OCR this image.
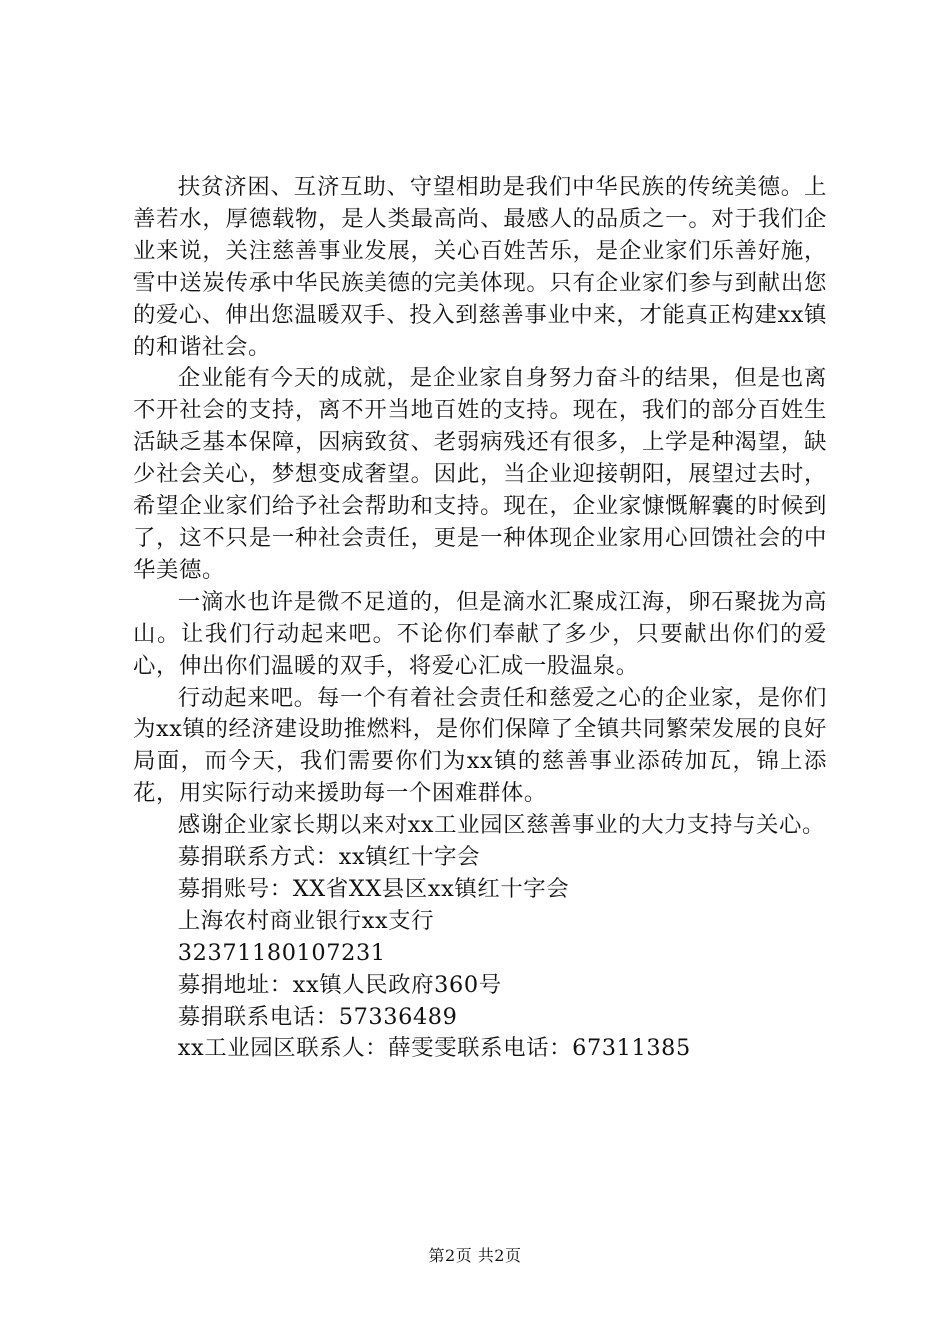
扶贫济困、互济互助、守望相助是我们中华民族的传统美德。上善若水，厚德载物，是人类最高尚、最感人的品质之一。对于我们企业来说，关注慈善事业发展，关心百姓苦乐，是企业家们乐善好施，雪中送炭传承中华民族美德的完美体现。只有企业家们参与到献出您的爱心、伸出您温暖双手、投入到慈善事业中来，才能真正构建xx镇的和谐社会。

企业能有今天的成就，是企业家自身努力奋斗的结果，但是也离不开社会的支持，离不开当地百姓的支持。现在，我们的部分百姓生活缺乏基本保障，因病致贫、老弱病残还有很多，上学是种渴望，缺少社会关心，梦想变成奢望。因此，当企业迎接朝阳，展望过去时，希望企业家们给予社会帮助和支持。现在，企业家慷慨解囊的时候到了，这不只是一种社会责任，更是一种体现企业家用心回馈社会的中华美德。

一滴水也许是微不足道的，但是滴水汇聚成江海，卵石聚拢为高山。让我们行动起来吧。不论你们奉献了多少，只要献出你们的爱心，伸出你们温暖的双手，将爱心汇成一股温泉。

行动起来吧。每一个有着社会责任和慈爱之心的企业家，是你们为xx镇的经济建设助推燃料，是你们保障了全镇共同繁荣发展的良好局面，而今天，我们需要你们为xx镇的慈善事业添砖加瓦，锦上添花，用实际行动来援助每一个困难群体。

感谢企业家长期以来对xx工业园区慈善事业的大力支持与关心。

募捐联系方式：xx镇红十字会

募捐账号：XX省XX县区xx镇红十字会

上海农村商业银行xx支行

32371180107231

募捐地址：xx镇人民政府360号

募捐联系电话：57336489

xx工业园区联系人：薛雯雯联系电话：67311385

第2页 共2页
